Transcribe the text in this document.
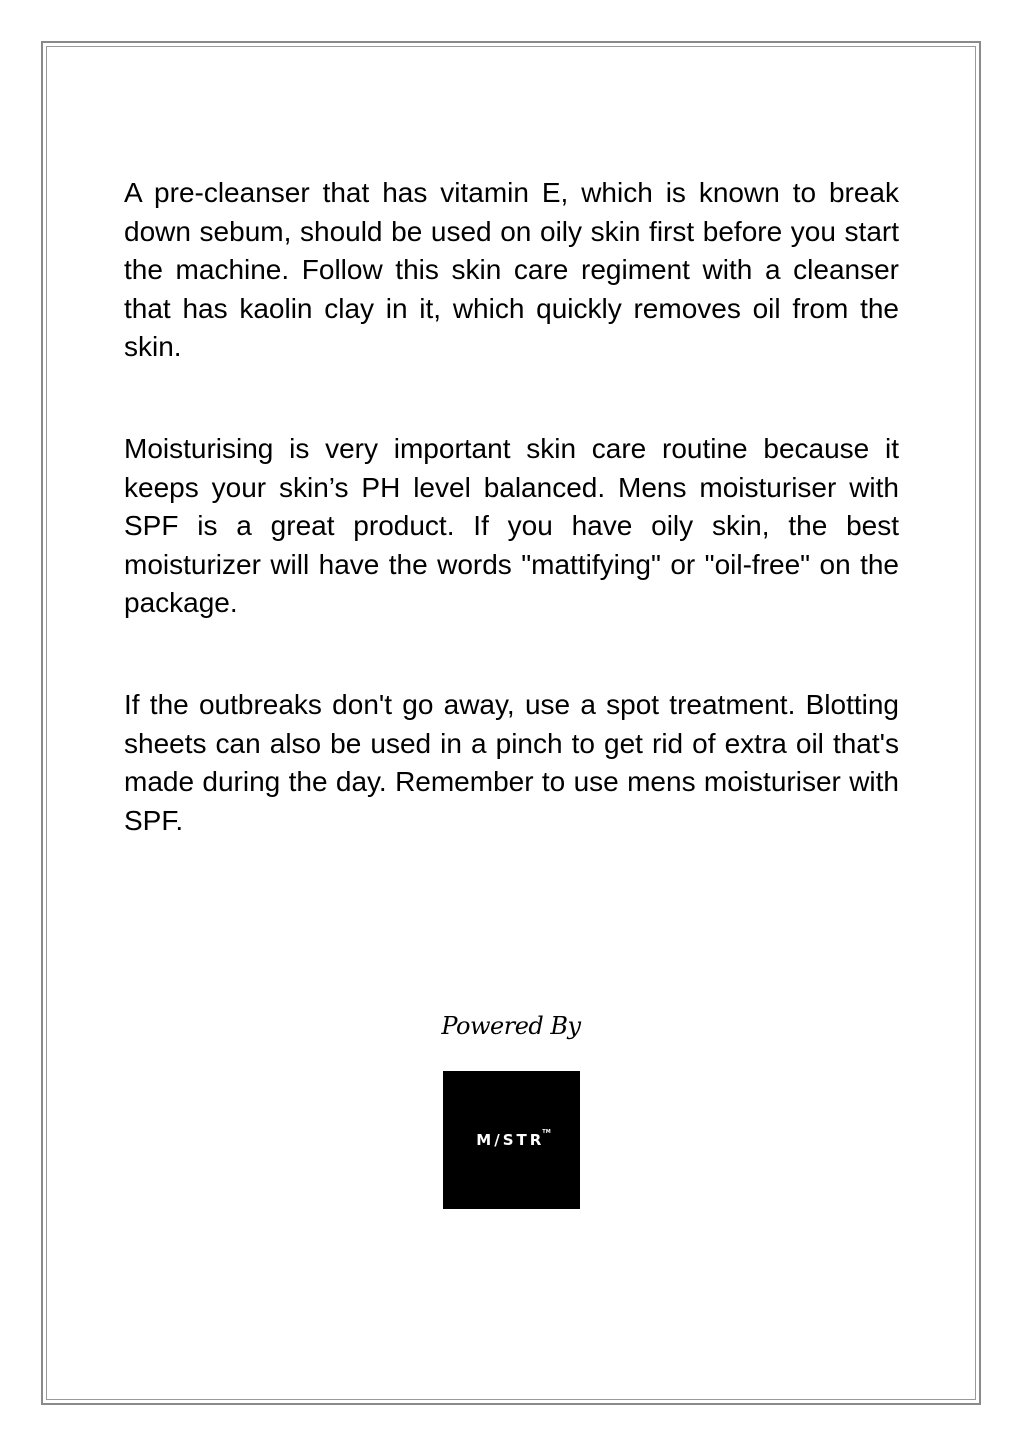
A pre-cleanser that has vitamin E, which is known to break down sebum, should be used on oily skin first before you start the machine. Follow this skin care regiment with a cleanser that has kaolin clay in it, which quickly removes oil from the skin.

Moisturising is very important skin care routine because it keeps your skin’s PH level balanced. Mens moisturiser with SPF is a great product. If you have oily skin, the best moisturizer will have the words "mattifying" or "oil-free" on the package.

If the outbreaks don't go away, use a spot treatment. Blotting sheets can also be used in a pinch to get rid of extra oil that's made during the day. Remember to use mens moisturiser with SPF.

Powered By
M/STR™
